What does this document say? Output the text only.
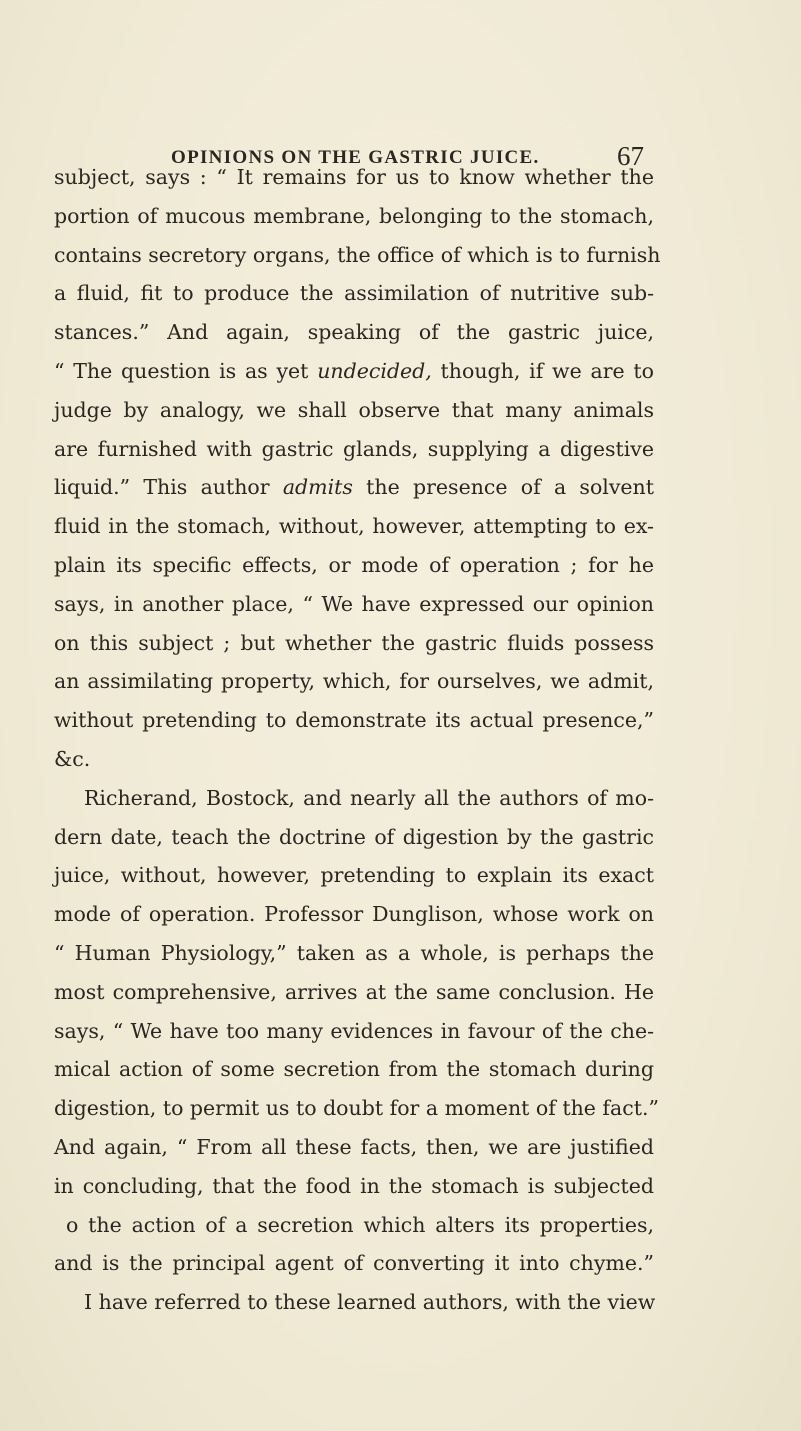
OPINIONS ON THE GASTRIC JUICE.	67
subject, says : “ It remains for us to know whether the
portion of mucous membrane, belonging to the stomach,
contains secretory organs, the office of which is to furnish
a fluid, fit to produce the assimilation of nutritive sub-
stances.” And again, speaking of the gastric juice,
“ The question is as yet undecided, though, if we are to
judge by analogy, we shall observe that many animals
are furnished with gastric glands, supplying a digestive
liquid.” This author admits the presence of a solvent
fluid in the stomach, without, however, attempting to ex-
plain its specific effects, or mode of operation ; for he
says, in another place, “ We have expressed our opinion
on this subject ; but whether the gastric fluids possess
an assimilating property, which, for ourselves, we admit,
without pretending to demonstrate its actual presence,”
&c.
Richerand, Bostock, and nearly all the authors of mo-
dern date, teach the doctrine of digestion by the gastric
juice, without, however, pretending to explain its exact
mode of operation. Professor Dunglison, whose work on
“ Human Physiology,” taken as a whole, is perhaps the
most comprehensive, arrives at the same conclusion. He
says, “ We have too many evidences in favour of the che-
mical action of some secretion from the stomach during
digestion, to permit us to doubt for a moment of the fact.”
And again, “ From all these facts, then, we are justified
in concluding, that the food in the stomach is subjected
o the action of a secretion which alters its properties,
and is the principal agent of converting it into chyme.”
I have referred to these learned authors, with the view
